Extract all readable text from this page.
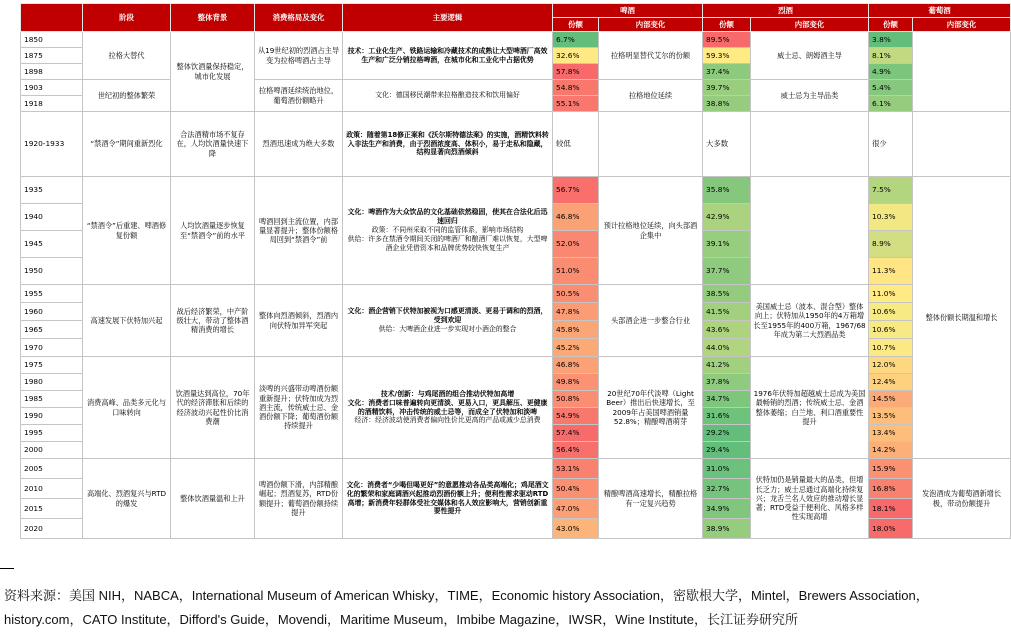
	阶段	整体背景	消费格局及变化	主要逻辑	啤酒		烈酒		葡萄酒	
					份额	内部变化	份额	内部变化	份额	内部变化
1850	拉格大替代	整体饮酒量保持稳定，城市化发展	从19世纪初的烈酒占主导变为拉格啤酒占主导	技术：工业化生产、铁路运输和冷藏技术的成熟让大型啤酒厂高效生产和广泛分销拉格啤酒，在城市化和工业化中占据优势	6.7%	拉格明显替代艾尔的份额	89.5%	威士忌、朗姆酒主导	3.8%	
1875					32.6%		59.3%		8.1%	
1898					57.8%		37.4%		4.9%	
1903	世纪初的整体繁荣		拉格啤酒延续统治地位，葡萄酒份额略升	文化：德国移民潮带来拉格酿造技术和饮用偏好	54.8%	拉格地位延续	39.7%	威士忌为主导品类	5.4%	
1918					55.1%		38.8%		6.1%	
1920-1933	“禁酒令”期间重新烈化	合法酒精市场不复存在，人均饮酒量快速下降	烈酒迅速成为绝大多数	政策：随着第18修正案和《沃尔斯特德法案》的实施，酒精饮料转入非法生产和消费，由于烈酒浓度高、体积小，易于走私和隐藏，结构显著向烈酒倾斜	较低		大多数		很少	
1935	“禁酒令”后重建、啤酒修复份额	人均饮酒量逐步恢复至“禁酒令”前的水平	啤酒回到主流位置，内部量显著提升；整体份额格局回到“禁酒令”前	文化：啤酒作为大众饮品的文化基础依然稳固，使其在合法化后迅速回归
政策：不同州采取不同的监管体系，影响市场结构
供给：许多在禁酒令期间关闭的啤酒厂和酿酒厂难以恢复，大型啤酒企业凭借资本和品牌优势较快恢复生产	56.7%	预计拉格地位延续，向头部酒企集中	35.8%		7.5%	整体份额长期温和增长
1940					46.8%		42.9%		10.3%	
1945					52.0%		39.1%		8.9%	
1950					51.0%		37.7%		11.3%	
1955	高速发展下伏特加兴起	战后经济繁荣，中产阶级壮大，带动了整体酒精消费的增长	整体向烈酒倾斜，烈酒内向伏特加异军突起	文化：酒企营销下伏特加被视为口感更清淡、更易于调和的烈酒，受到欢迎
供给：大啤酒企业进一步实现对小酒企的整合	50.5%	头部酒企进一步整合行业	38.5%	美国威士忌（波本、混合型）整体向上；伏特加从1950年的4万箱增长至1955年的400万箱，1967/68年成为第二大烈酒品类	11.0%	
1960					47.8%		41.5%		10.6%	
1965					45.8%		43.6%		10.6%	
1970					45.2%		44.0%		10.7%	
1975	消费高峰、品类多元化与口味转向	饮酒量达到高位，70年代的经济滞胀和后续的经济波动兴起性价比消费潮	淡啤的兴盛带动啤酒份额重新提升；伏特加成为烈酒主流，传统威士忌、金酒份额下降；葡萄酒份额持续提升	技术/创新：与鸡尾酒的组合推动伏特加高增
文化：消费者口味普遍转向更清淡、更易入口，更具解压、更健康的酒精饮料，冲击传统的威士忌等，而成全了伏特加和淡啤
经济：经济波动使消费者偏向性价比更高的产品或减少总消费	46.8%	20世纪70年代淡啤（Light Beer）推出后快速增长，至2009年占美国啤酒销量52.8%；精酿啤酒萌芽	41.2%	1976年伏特加超越威士忌成为美国最畅销的烈酒；传统威士忌、金酒整体萎缩；白兰地、利口酒重要性提升	12.0%	
1980					49.8%		37.8%		12.4%	
1985					50.8%		34.7%		14.5%	
1990					54.9%		31.6%		13.5%	
1995					57.4%		29.2%		13.4%	
2000					56.4%		29.4%		14.2%	
2005	高端化、烈酒复兴与RTD的爆发	整体饮酒量温和上升	啤酒份额下滑，内部精酿崛起；烈酒复苏，RTD份额提升；葡萄酒份额持续提升	文化：消费者“少喝但喝更好”的意愿推动各品类高端化；鸡尾酒文化的繁荣和家庭调酒兴起推动烈酒份额上升；便利性需求驱动RTD高增；新消费年轻群体受社交媒体和名人效应影响大，营销创新重要性提升	53.1%	精酿啤酒高速增长，精酿拉格有一定复兴趋势	31.0%	伏特加仍是销量最大的品类，但增长乏力；威士忌通过高端化持续复兴；龙舌兰名人效应的推动增长显著；RTD受益于便利化、风格多样性实现高增	15.9%	发泡酒成为葡萄酒新增长极，带动份额提升
2010					50.4%		32.7%		16.8%	
2015					47.0%		34.9%		18.1%	
2020					43.0%		38.9%		18.0%	
资料来源：美国 NIH，NABCA，International Museum of American Whisky，TIME，Economic history Association，密歇根大学，Mintel，Brewers Association，
history.com，CATO Institute，Difford's Guide，Movendi，Maritime Museum，Imbibe Magazine，IWSR，Wine Institute，长江证券研究所
